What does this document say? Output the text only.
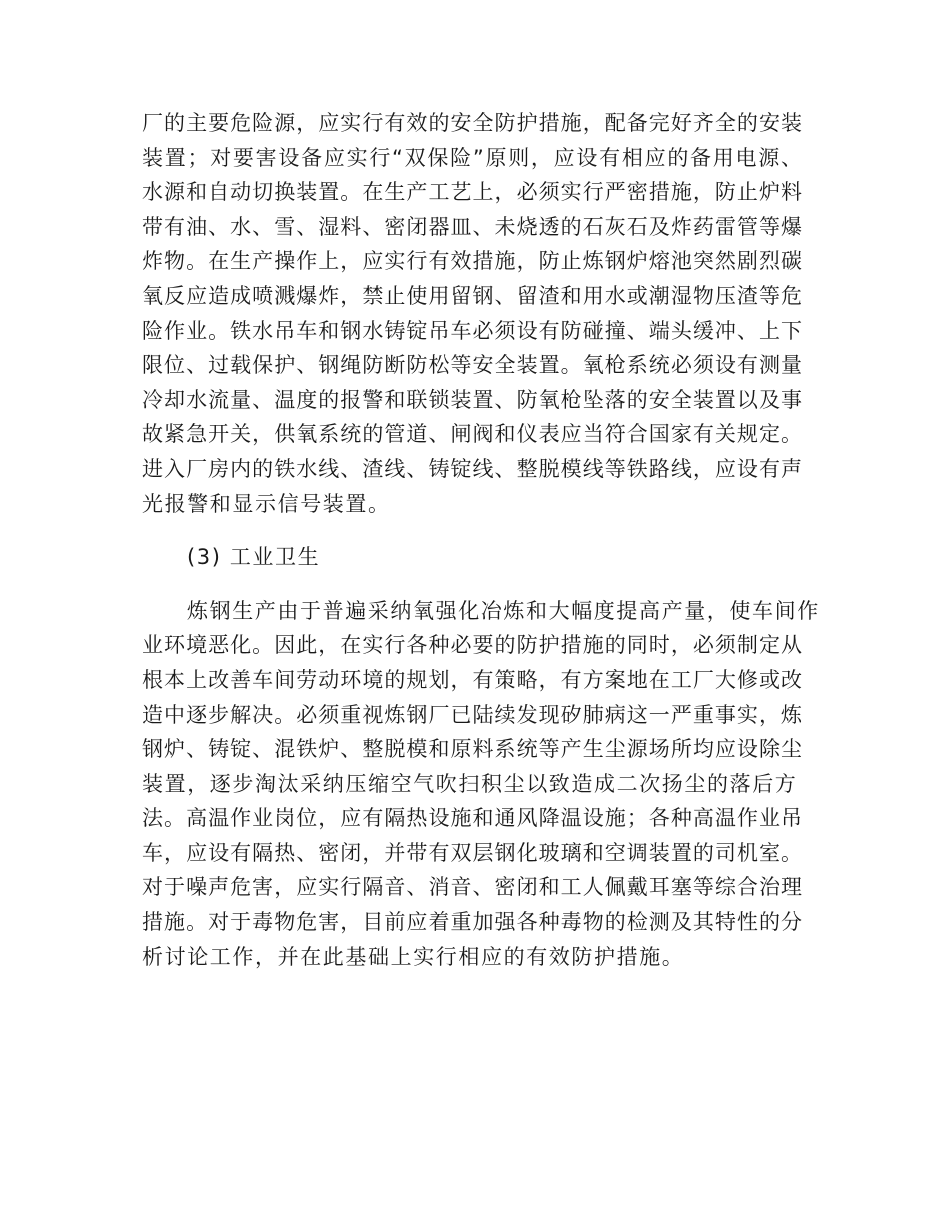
厂的主要危险源，应实行有效的安全防护措施，配备完好齐全的安装
装置；对要害设备应实行“双保险”原则，应设有相应的备用电源、
水源和自动切换装置。在生产工艺上，必须实行严密措施，防止炉料
带有油、水、雪、湿料、密闭器皿、未烧透的石灰石及炸药雷管等爆
炸物。在生产操作上，应实行有效措施，防止炼钢炉熔池突然剧烈碳
氧反应造成喷溅爆炸，禁止使用留钢、留渣和用水或潮湿物压渣等危
险作业。铁水吊车和钢水铸锭吊车必须设有防碰撞、端头缓冲、上下
限位、过载保护、钢绳防断防松等安全装置。氧枪系统必须设有测量
冷却水流量、温度的报警和联锁装置、防氧枪坠落的安全装置以及事
故紧急开关，供氧系统的管道、闸阀和仪表应当符合国家有关规定。
进入厂房内的铁水线、渣线、铸锭线、整脱模线等铁路线，应设有声
光报警和显示信号装置。
(3) 工业卫生
炼钢生产由于普遍采纳氧强化冶炼和大幅度提高产量，使车间作
业环境恶化。因此，在实行各种必要的防护措施的同时，必须制定从
根本上改善车间劳动环境的规划，有策略，有方案地在工厂大修或改
造中逐步解决。必须重视炼钢厂已陆续发现矽肺病这一严重事实，炼
钢炉、铸锭、混铁炉、整脱模和原料系统等产生尘源场所均应设除尘
装置，逐步淘汰采纳压缩空气吹扫积尘以致造成二次扬尘的落后方
法。高温作业岗位，应有隔热设施和通风降温设施；各种高温作业吊
车，应设有隔热、密闭，并带有双层钢化玻璃和空调装置的司机室。
对于噪声危害，应实行隔音、消音、密闭和工人佩戴耳塞等综合治理
措施。对于毒物危害，目前应着重加强各种毒物的检测及其特性的分
析讨论工作，并在此基础上实行相应的有效防护措施。
